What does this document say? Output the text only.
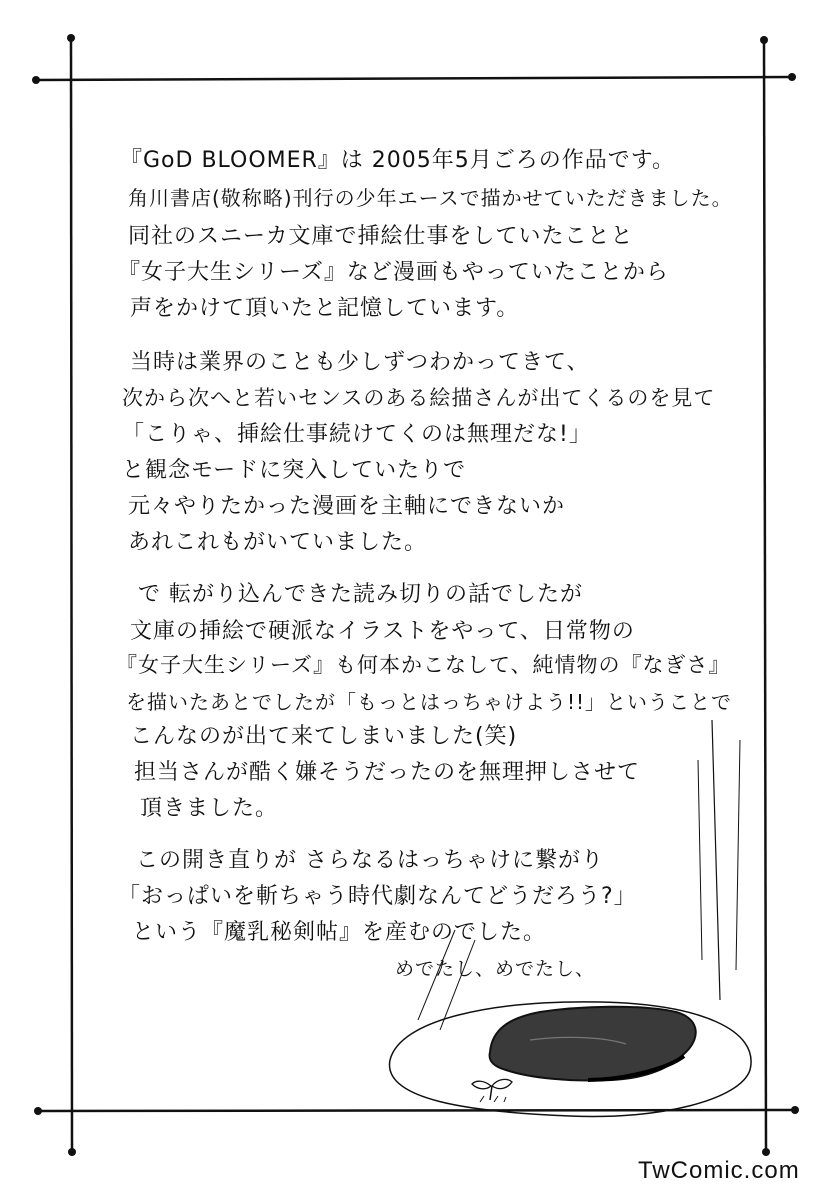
『GoD BLOOMER』は 2005年5月ごろの作品です。
角川書店(敬称略)刊行の少年エースで描かせていただきました。
同社のスニーカ文庫で挿絵仕事をしていたことと
『女子大生シリーズ』など漫画もやっていたことから
声をかけて頂いたと記憶しています。
当時は業界のことも少しずつわかってきて、
次から次へと若いセンスのある絵描さんが出てくるのを見て
「こりゃ、挿絵仕事続けてくのは無理だな!」
と観念モードに突入していたりで
元々やりたかった漫画を主軸にできないか
あれこれもがいていました。
で 転がり込んできた読み切りの話でしたが
文庫の挿絵で硬派なイラストをやって、日常物の
『女子大生シリーズ』も何本かこなして、純情物の『なぎさ』
を描いたあとでしたが「もっとはっちゃけよう!!」ということで
こんなのが出て来てしまいました(笑)
担当さんが酷く嫌そうだったのを無理押しさせて
頂きました。
この開き直りが さらなるはっちゃけに繋がり
「おっぱいを斬ちゃう時代劇なんてどうだろう?」
という『魔乳秘剣帖』を産むのでした。
めでたし、めでたし、
TwComic.com
